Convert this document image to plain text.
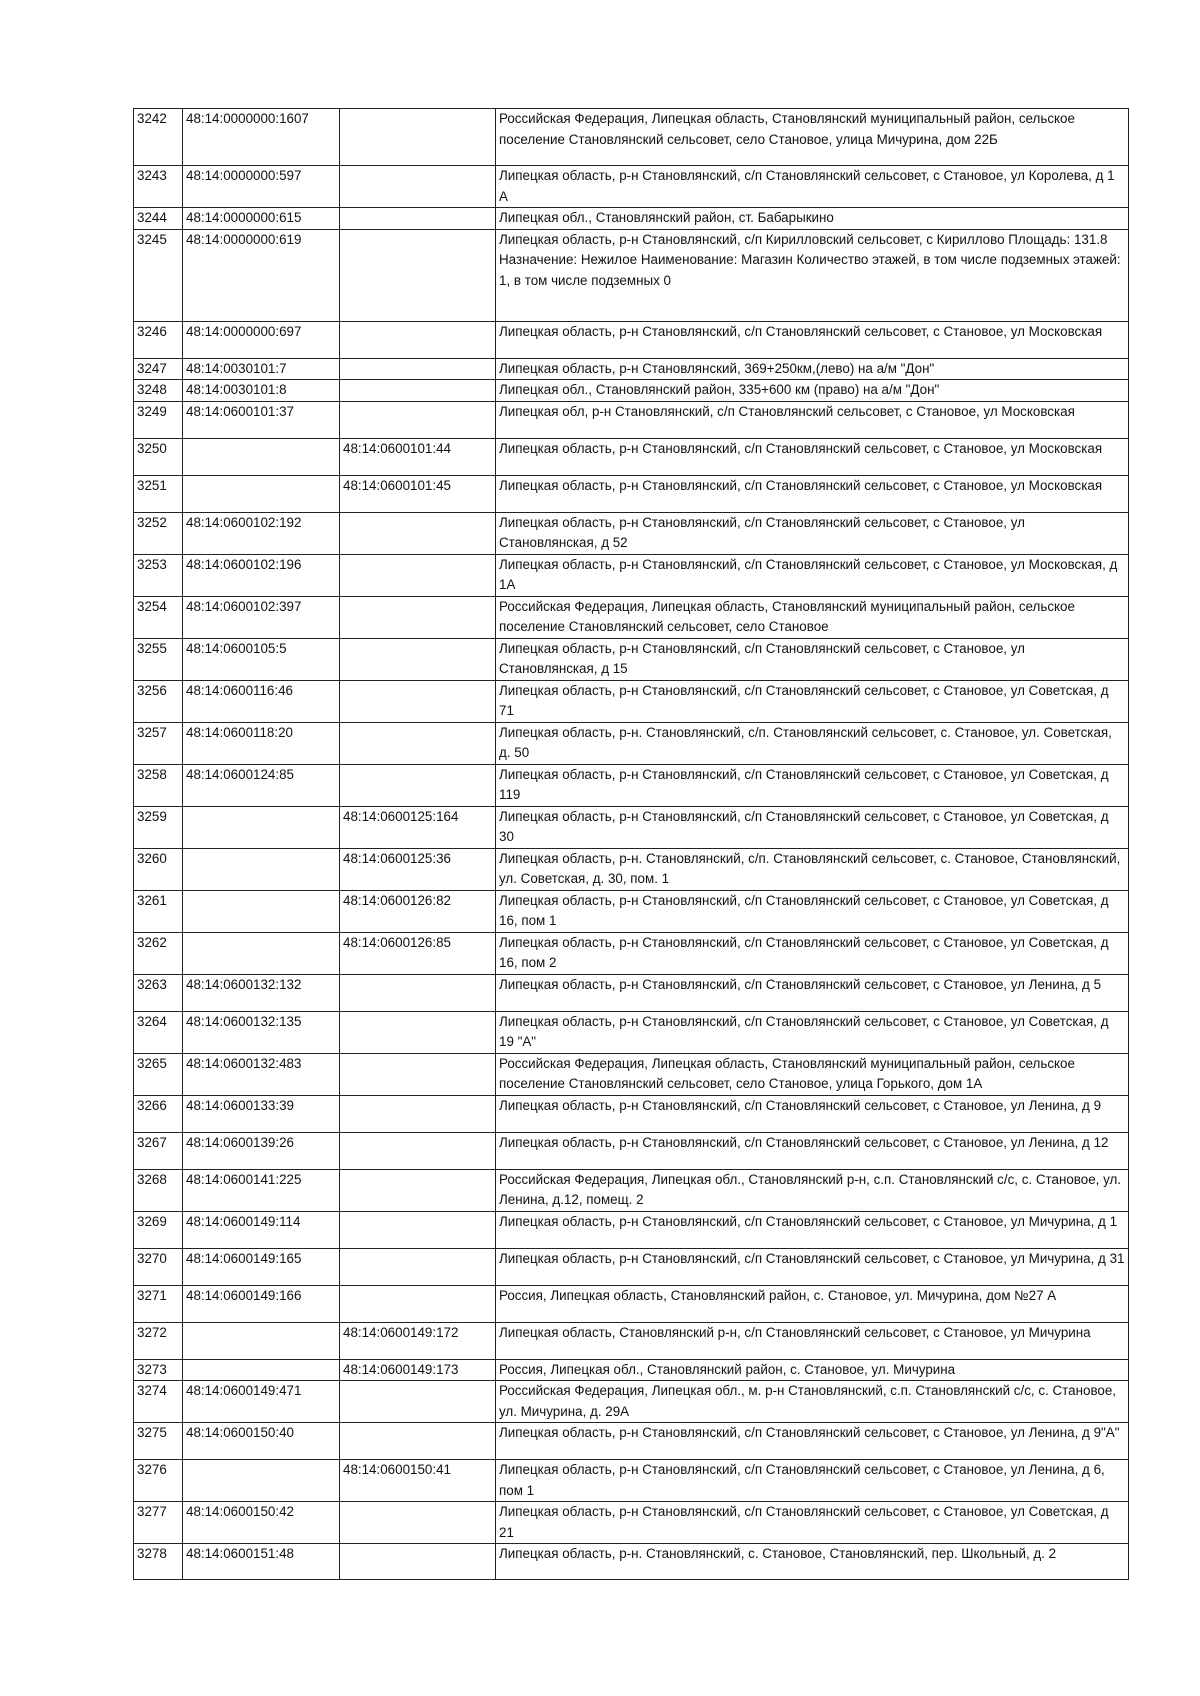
3242	48:14:0000000:1607		Российская Федерация, Липецкая область, Становлянский муниципальный район, сельское поселение Становлянский сельсовет, село Становое, улица Мичурина, дом 22Б
3243	48:14:0000000:597		Липецкая область, р-н Становлянский, с/п Становлянский сельсовет, с Становое, ул Королева, д 1 А
3244	48:14:0000000:615		Липецкая обл., Становлянский район, ст. Бабарыкино
3245	48:14:0000000:619		Липецкая область, р-н Становлянский, с/п Кирилловский сельсовет, с Кириллово Площадь: 131.8
Назначение: Нежилое Наименование: Магазин Количество этажей, в том числе подземных этажей: 1, в том числе подземных 0

3246	48:14:0000000:697		Липецкая область, р-н Становлянский, с/п Становлянский сельсовет, с Становое, ул Московская
3247	48:14:0030101:7		Липецкая область, р-н Становлянский, 369+250км,(лево) на а/м "Дон"
3248	48:14:0030101:8		Липецкая обл., Становлянский район, 335+600 км (право) на а/м "Дон"
3249	48:14:0600101:37		Липецкая обл, р-н Становлянский, с/п Становлянский сельсовет, с Становое, ул Московская
3250		48:14:0600101:44	Липецкая область, р-н Становлянский, с/п Становлянский сельсовет, с Становое, ул Московская
3251		48:14:0600101:45	Липецкая область, р-н Становлянский, с/п Становлянский сельсовет, с Становое, ул Московская
3252	48:14:0600102:192		Липецкая область, р-н Становлянский, с/п Становлянский сельсовет, с Становое, ул Становлянская, д 52
3253	48:14:0600102:196		Липецкая область, р-н Становлянский, с/п Становлянский сельсовет, с Становое, ул Московская, д 1А
3254	48:14:0600102:397		Российская Федерация, Липецкая область, Становлянский муниципальный район, сельское поселение Становлянский сельсовет, село Становое
3255	48:14:0600105:5		Липецкая область, р-н Становлянский, с/п Становлянский сельсовет, с Становое, ул Становлянская, д 15
3256	48:14:0600116:46		Липецкая область, р-н Становлянский, с/п Становлянский сельсовет, с Становое, ул Советская, д 71
3257	48:14:0600118:20		Липецкая область, р-н. Становлянский, с/п. Становлянский сельсовет, с. Становое, ул. Советская, д. 50
3258	48:14:0600124:85		Липецкая область, р-н Становлянский, с/п Становлянский сельсовет, с Становое, ул Советская, д 119
3259		48:14:0600125:164	Липецкая область, р-н Становлянский, с/п Становлянский сельсовет, с Становое, ул Советская, д 30
3260		48:14:0600125:36	Липецкая область, р-н. Становлянский, с/п. Становлянский сельсовет, с. Становое, Становлянский, ул. Советская, д. 30, пом. 1
3261		48:14:0600126:82	Липецкая область, р-н Становлянский, с/п Становлянский сельсовет, с Становое, ул Советская, д 16, пом 1
3262		48:14:0600126:85	Липецкая область, р-н Становлянский, с/п Становлянский сельсовет, с Становое, ул Советская, д 16, пом 2
3263	48:14:0600132:132		Липецкая область, р-н Становлянский, с/п Становлянский сельсовет, с Становое, ул Ленина, д 5
3264	48:14:0600132:135		Липецкая область, р-н Становлянский, с/п Становлянский сельсовет, с Становое, ул Советская, д 19 "А"
3265	48:14:0600132:483		Российская Федерация, Липецкая область, Становлянский муниципальный район, сельское поселение Становлянский сельсовет, село Становое, улица Горького, дом 1А
3266	48:14:0600133:39		Липецкая область, р-н Становлянский, с/п Становлянский сельсовет, с Становое, ул Ленина, д 9
3267	48:14:0600139:26		Липецкая область, р-н Становлянский, с/п Становлянский сельсовет, с Становое, ул Ленина, д 12
3268	48:14:0600141:225		Российская Федерация, Липецкая обл., Становлянский р-н, с.п. Становлянский с/с, с. Становое, ул. Ленина, д.12, помещ. 2
3269	48:14:0600149:114		Липецкая область, р-н Становлянский, с/п Становлянский сельсовет, с Становое, ул Мичурина, д 1
3270	48:14:0600149:165		Липецкая область, р-н Становлянский, с/п Становлянский сельсовет, с Становое, ул Мичурина, д 31
3271	48:14:0600149:166		Россия, Липецкая область, Становлянский район, с. Становое, ул. Мичурина, дом №27 А
3272		48:14:0600149:172	Липецкая область, Становлянский р-н, с/п Становлянский сельсовет, с Становое, ул Мичурина
3273		48:14:0600149:173	Россия, Липецкая обл., Становлянский район, с. Становое, ул. Мичурина
3274	48:14:0600149:471		Российская Федерация, Липецкая обл., м. р-н Становлянский, с.п. Становлянский с/с, с. Становое, ул. Мичурина, д. 29А
3275	48:14:0600150:40		Липецкая область, р-н Становлянский, с/п Становлянский сельсовет, с Становое, ул Ленина, д 9"А"
3276		48:14:0600150:41	Липецкая область, р-н Становлянский, с/п Становлянский сельсовет, с Становое, ул Ленина, д 6, пом 1
3277	48:14:0600150:42		Липецкая область, р-н Становлянский, с/п Становлянский сельсовет, с Становое, ул Советская, д 21
3278	48:14:0600151:48		Липецкая область, р-н. Становлянский, с. Становое, Становлянский, пер. Школьный, д. 2
